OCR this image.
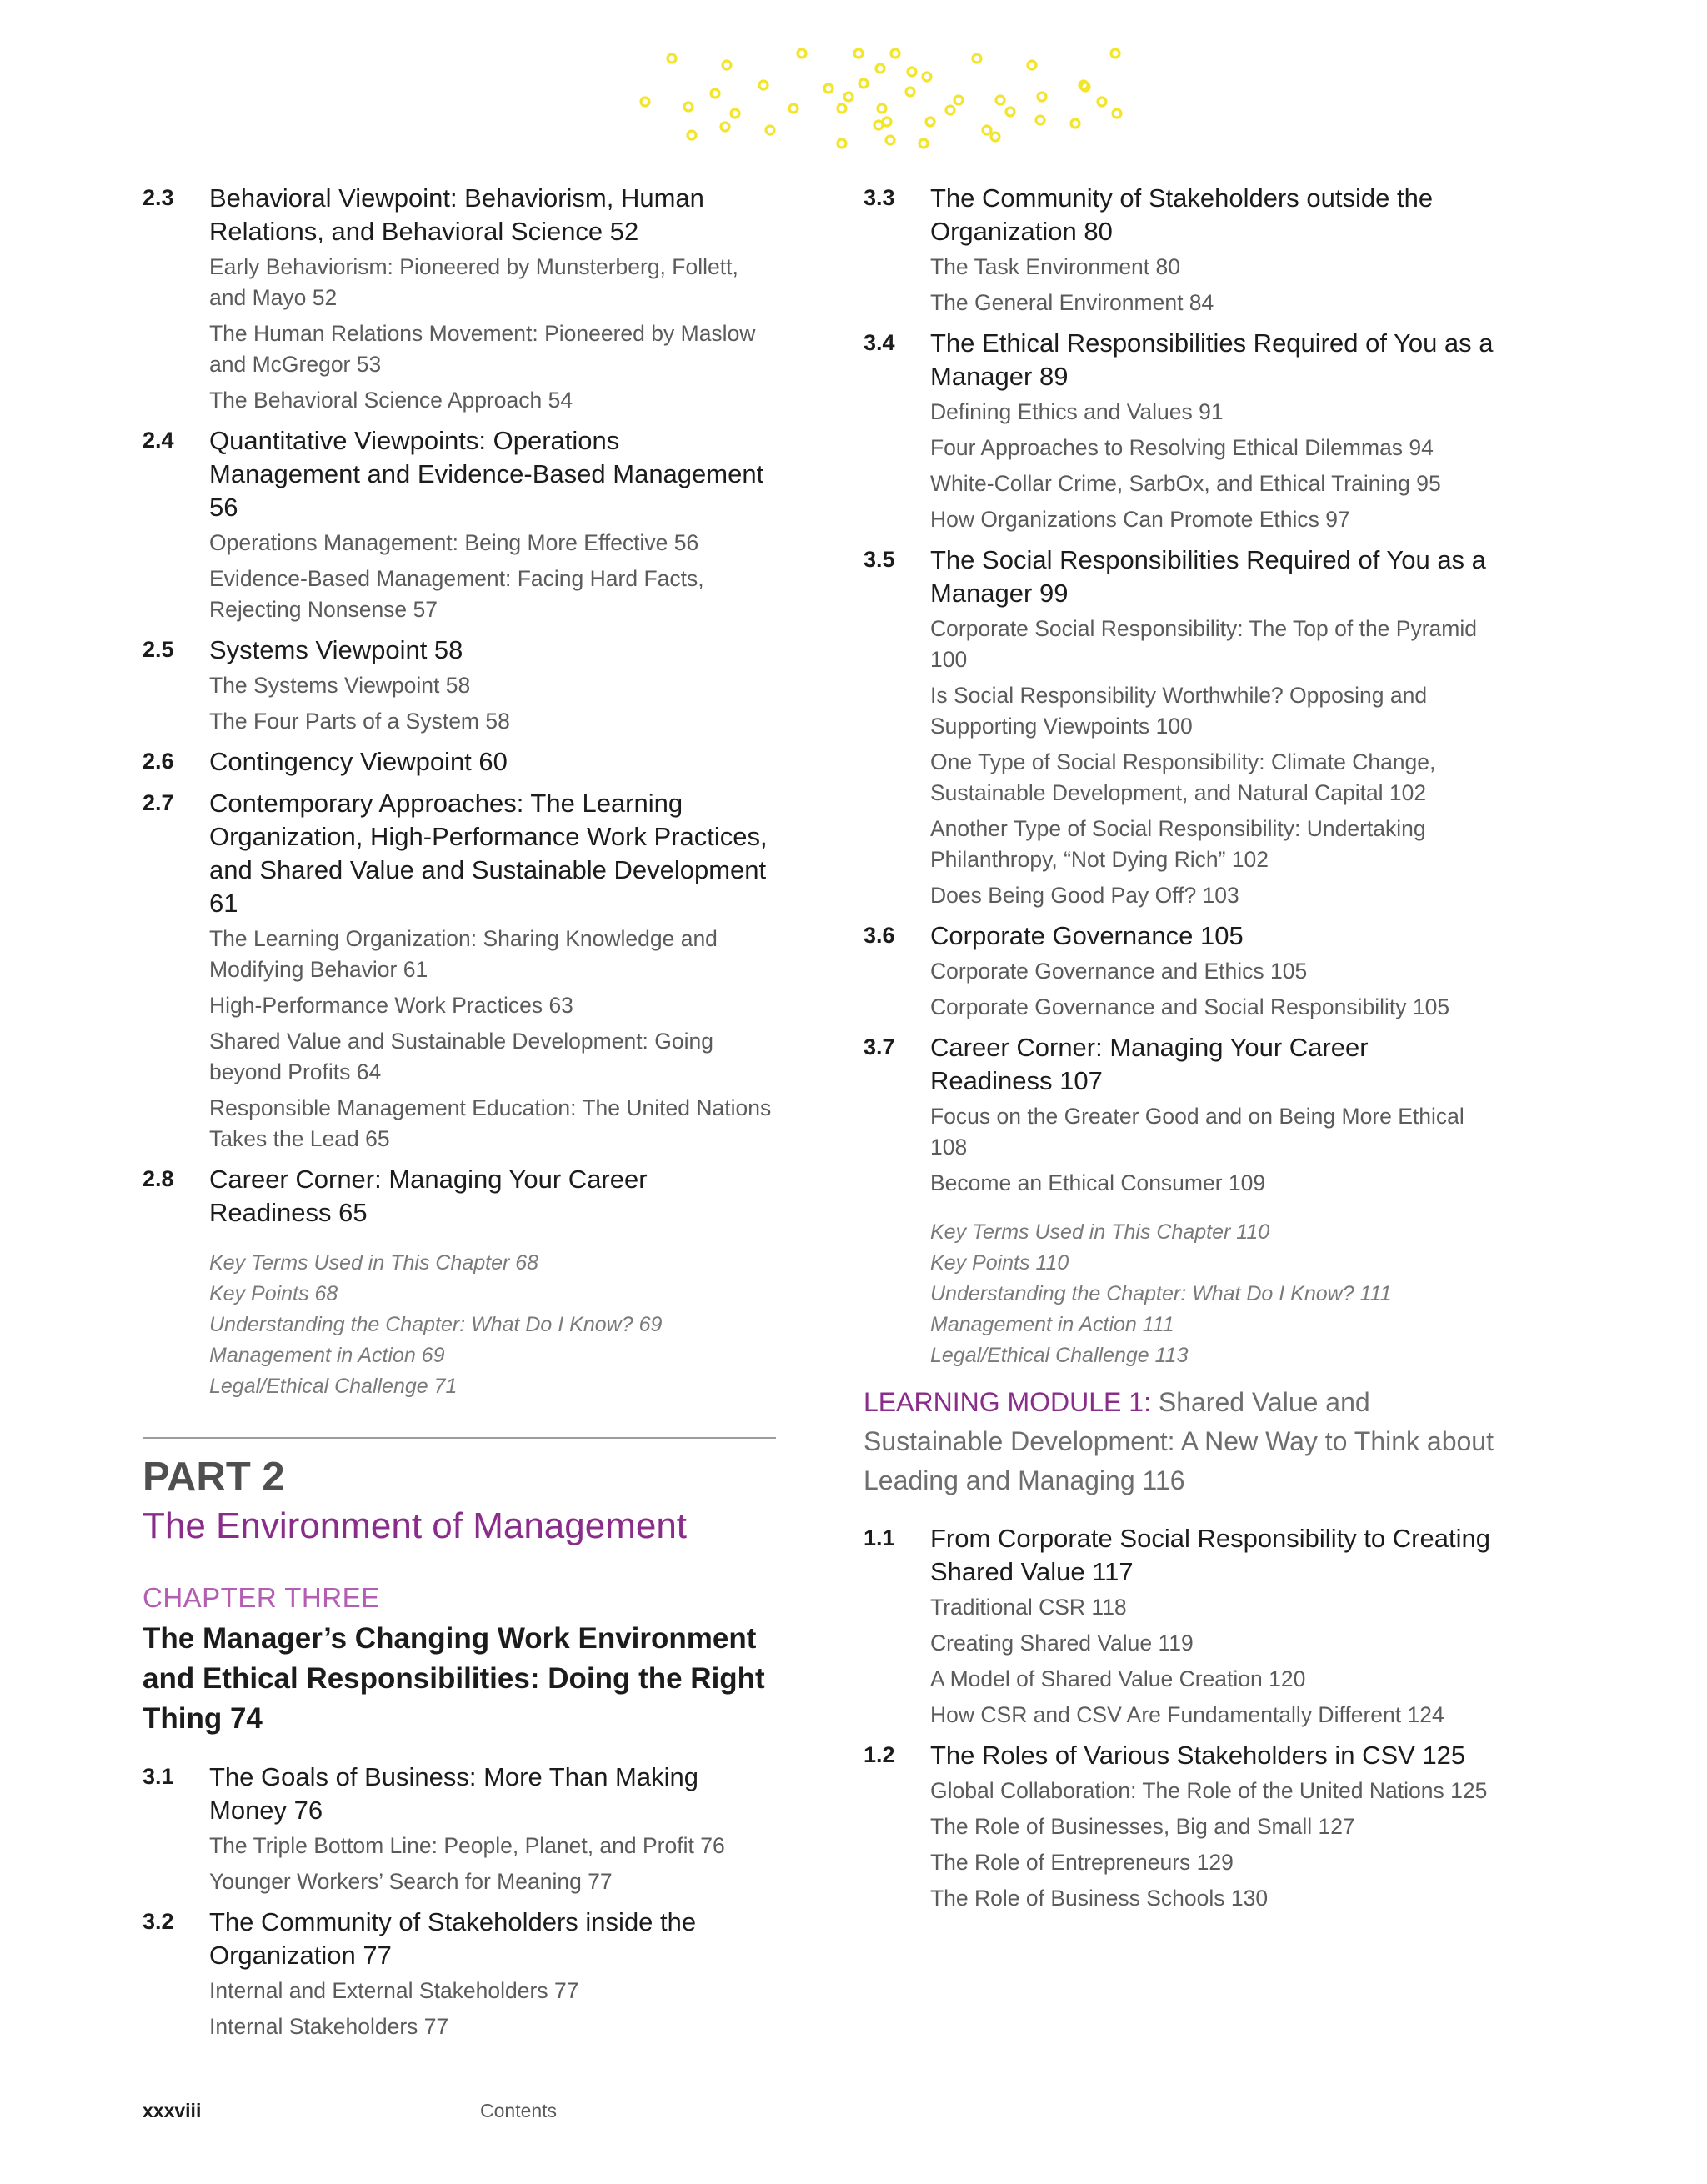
2.3 Behavioral Viewpoint: Behaviorism, Human Relations, and Behavioral Science 52
Early Behaviorism: Pioneered by Munsterberg, Follett, and Mayo 52
The Human Relations Movement: Pioneered by Maslow and McGregor 53
The Behavioral Science Approach 54
2.4 Quantitative Viewpoints: Operations Management and Evidence-Based Management 56
Operations Management: Being More Effective 56
Evidence-Based Management: Facing Hard Facts, Rejecting Nonsense 57
2.5 Systems Viewpoint 58
The Systems Viewpoint 58
The Four Parts of a System 58
2.6 Contingency Viewpoint 60
2.7 Contemporary Approaches: The Learning Organization, High-Performance Work Practices, and Shared Value and Sustainable Development 61
The Learning Organization: Sharing Knowledge and Modifying Behavior 61
High-Performance Work Practices 63
Shared Value and Sustainable Development: Going beyond Profits 64
Responsible Management Education: The United Nations Takes the Lead 65
2.8 Career Corner: Managing Your Career Readiness 65
Key Terms Used in This Chapter 68
Key Points 68
Understanding the Chapter: What Do I Know? 69
Management in Action 69
Legal/Ethical Challenge 71
PART 2
The Environment of Management
CHAPTER THREE
The Manager’s Changing Work Environment and Ethical Responsibilities: Doing the Right Thing 74
3.1 The Goals of Business: More Than Making Money 76
The Triple Bottom Line: People, Planet, and Profit 76
Younger Workers’ Search for Meaning 77
3.2 The Community of Stakeholders inside the Organization 77
Internal and External Stakeholders 77
Internal Stakeholders 77
3.3 The Community of Stakeholders outside the Organization 80
The Task Environment 80
The General Environment 84
3.4 The Ethical Responsibilities Required of You as a Manager 89
Defining Ethics and Values 91
Four Approaches to Resolving Ethical Dilemmas 94
White-Collar Crime, SarbOx, and Ethical Training 95
How Organizations Can Promote Ethics 97
3.5 The Social Responsibilities Required of You as a Manager 99
Corporate Social Responsibility: The Top of the Pyramid 100
Is Social Responsibility Worthwhile? Opposing and Supporting Viewpoints 100
One Type of Social Responsibility: Climate Change, Sustainable Development, and Natural Capital 102
Another Type of Social Responsibility: Undertaking Philanthropy, “Not Dying Rich” 102
Does Being Good Pay Off? 103
3.6 Corporate Governance 105
Corporate Governance and Ethics 105
Corporate Governance and Social Responsibility 105
3.7 Career Corner: Managing Your Career Readiness 107
Focus on the Greater Good and on Being More Ethical 108
Become an Ethical Consumer 109
Key Terms Used in This Chapter 110
Key Points 110
Understanding the Chapter: What Do I Know? 111
Management in Action 111
Legal/Ethical Challenge 113
LEARNING MODULE 1: Shared Value and Sustainable Development: A New Way to Think about Leading and Managing 116
1.1 From Corporate Social Responsibility to Creating Shared Value 117
Traditional CSR 118
Creating Shared Value 119
A Model of Shared Value Creation 120
How CSR and CSV Are Fundamentally Different 124
1.2 The Roles of Various Stakeholders in CSV 125
Global Collaboration: The Role of the United Nations 125
The Role of Businesses, Big and Small 127
The Role of Entrepreneurs 129
The Role of Business Schools 130
xxxviii	Contents
